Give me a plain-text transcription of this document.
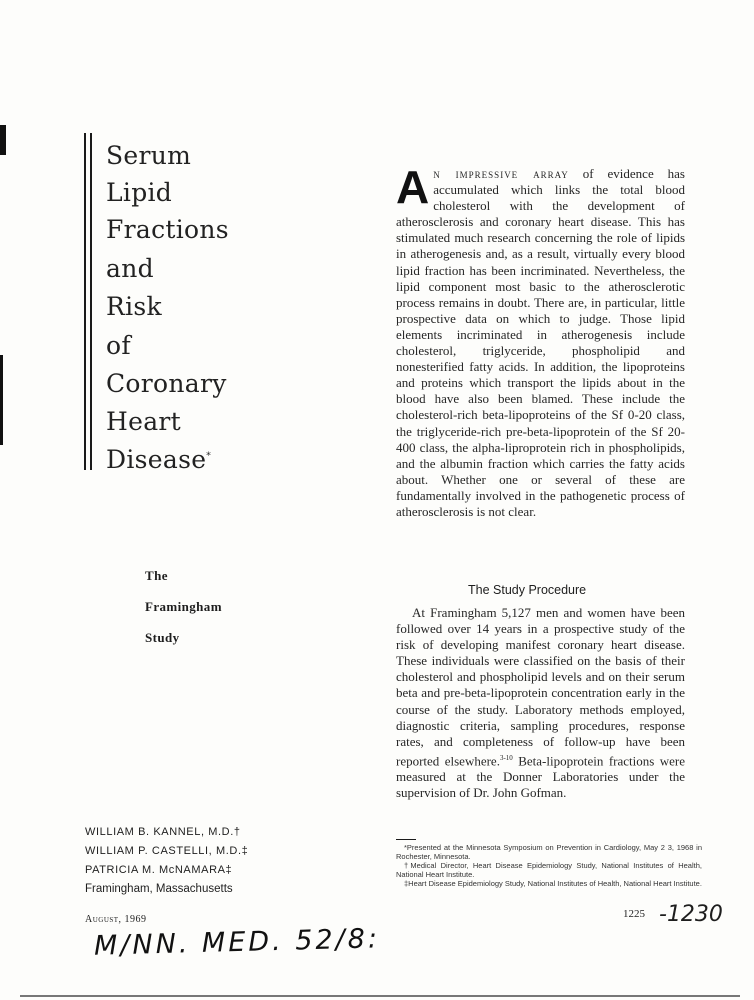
Serum
Lipid
Fractions
and
Risk
of
Coronary
Heart
Disease*
The
Framingham
Study
WILLIAM B. KANNEL, M.D.†
WILLIAM P. CASTELLI, M.D.‡
PATRICIA M. McNAMARA‡
Framingham, Massachusetts
August, 1969
M/NN. MED. 52/8:
1225 -1230

An impressive array of evidence has accumulated which links the total blood cholesterol with the development of atherosclerosis and coronary heart disease. This has stimulated much research concerning the role of lipids in atherogenesis and, as a result, virtually every blood lipid fraction has been incriminated. Nevertheless, the lipid component most basic to the atherosclerotic process remains in doubt. There are, in particular, little prospective data on which to judge. Those lipid elements incriminated in atherogenesis include cholesterol, triglyceride, phospholipid and nonesterified fatty acids. In addition, the lipoproteins and proteins which transport the lipids about in the blood have also been blamed. These include the cholesterol-rich beta-lipoproteins of the Sf 0-20 class, the triglyceride-rich pre-beta-lipoprotein of the Sf 20-400 class, the alpha-liproprotein rich in phospholipids, and the albumin fraction which carries the fatty acids about. Whether one or several of these are fundamentally involved in the pathogenetic process of atherosclerosis is not clear.

The Study Procedure

At Framingham 5,127 men and women have been followed over 14 years in a prospective study of the risk of developing manifest coronary heart disease. These individuals were classified on the basis of their cholesterol and phospholipid levels and on their serum beta and pre-beta-lipoprotein concentration early in the course of the study. Laboratory methods employed, diagnostic criteria, sampling procedures, response rates, and completeness of follow-up have been reported elsewhere.$^{3-10}$ Beta-lipoprotein fractions were measured at the Donner Laboratories under the supervision of Dr. John Gofman.

*Presented at the Minnesota Symposium on Prevention in Cardiology, May 2 3, 1968 in Rochester, Minnesota.

†Medical Director, Heart Disease Epidemiology Study, National Institutes of Health, National Heart Institute.

‡Heart Disease Epidemiology Study, National Institutes of Health, National Heart Institute.
